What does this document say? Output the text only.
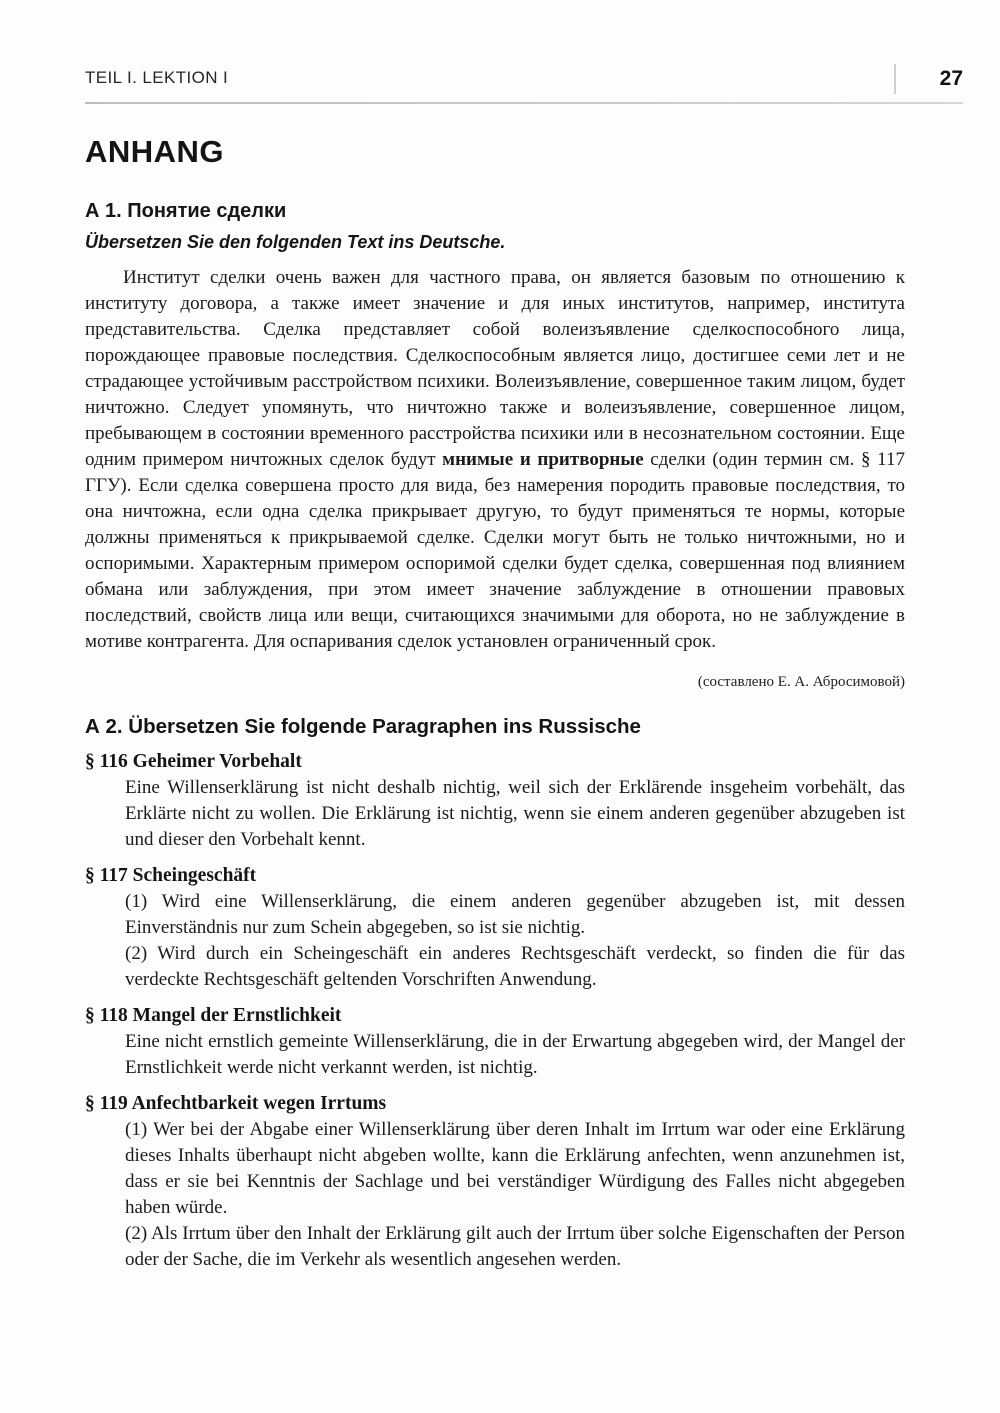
TEIL I. LEKTION I	27
ANHANG
А 1. Понятие сделки
Übersetzen Sie den folgenden Text ins Deutsche.

Институт сделки очень важен для частного права, он является базовым по отношению к институту договора, а также имеет значение и для иных институтов, например, института представительства. Сделка представляет собой волеизъявление сделкоспособного лица, порождающее правовые последствия. Сделкоспособным является лицо, достигшее семи лет и не страдающее устойчивым расстройством психики. Волеизъявление, совершенное таким лицом, будет ничтожно. Следует упомянуть, что ничтожно также и волеизъявление, совершенное лицом, пребывающем в состоянии временного расстройства психики или в несознательном состоянии. Еще одним примером ничтожных сделок будут мнимые и притворные сделки (один термин см. § 117 ГГУ). Если сделка совершена просто для вида, без намерения породить правовые последствия, то она ничтожна, если одна сделка прикрывает другую, то будут применяться те нормы, которые должны применяться к прикрываемой сделке. Сделки могут быть не только ничтожными, но и оспоримыми. Характерным примером оспоримой сделки будет сделка, совершенная под влиянием обмана или заблуждения, при этом имеет значение заблуждение в отношении правовых последствий, свойств лица или вещи, считающихся значимыми для оборота, но не заблуждение в мотиве контрагента. Для оспаривания сделок установлен ограниченный срок.

(составлено Е. А. Абросимовой)
А 2. Übersetzen Sie folgende Paragraphen ins Russische
§ 116 Geheimer Vorbehalt

Eine Willenserklärung ist nicht deshalb nichtig, weil sich der Erklärende insgeheim vorbehält, das Erklärte nicht zu wollen. Die Erklärung ist nichtig, wenn sie einem anderen gegenüber abzugeben ist und dieser den Vorbehalt kennt.

§ 117 Scheingeschäft

(1) Wird eine Willenserklärung, die einem anderen gegenüber abzugeben ist, mit dessen Einverständnis nur zum Schein abgegeben, so ist sie nichtig.

(2) Wird durch ein Scheingeschäft ein anderes Rechtsgeschäft verdeckt, so finden die für das verdeckte Rechtsgeschäft geltenden Vorschriften Anwendung.

§ 118 Mangel der Ernstlichkeit

Eine nicht ernstlich gemeinte Willenserklärung, die in der Erwartung abgegeben wird, der Mangel der Ernstlichkeit werde nicht verkannt werden, ist nichtig.

§ 119 Anfechtbarkeit wegen Irrtums

(1) Wer bei der Abgabe einer Willenserklärung über deren Inhalt im Irrtum war oder eine Erklärung dieses Inhalts überhaupt nicht abgeben wollte, kann die Erklärung anfechten, wenn anzunehmen ist, dass er sie bei Kenntnis der Sachlage und bei verständiger Würdigung des Falles nicht abgegeben haben würde.

(2) Als Irrtum über den Inhalt der Erklärung gilt auch der Irrtum über solche Eigenschaften der Person oder der Sache, die im Verkehr als wesentlich angesehen werden.
